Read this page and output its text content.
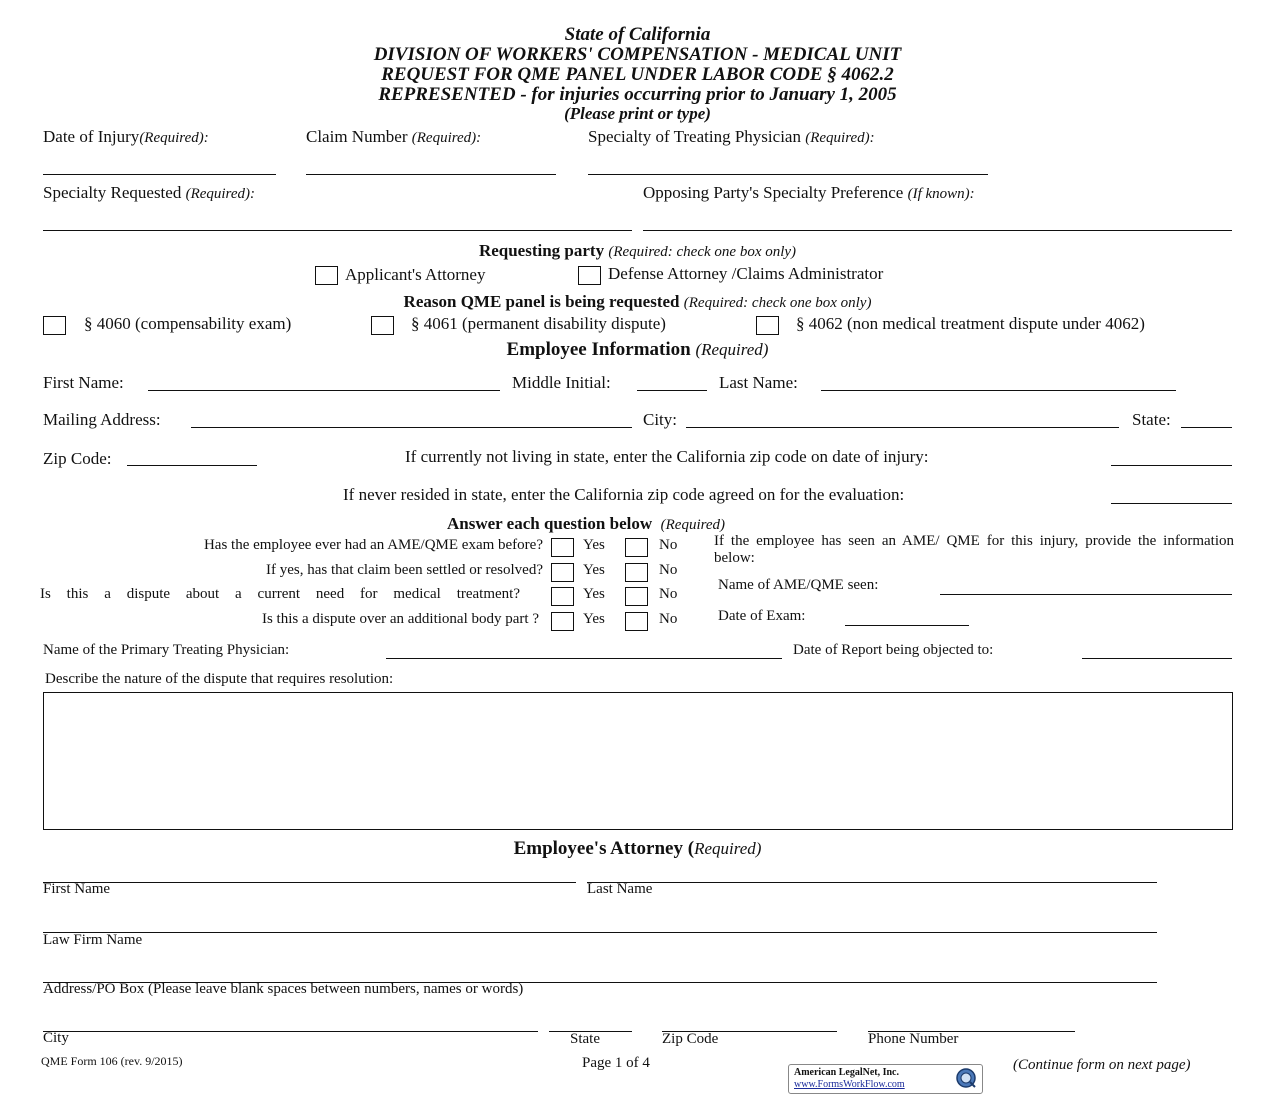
State of California
DIVISION OF WORKERS' COMPENSATION - MEDICAL UNIT
REQUEST FOR QME PANEL UNDER LABOR CODE § 4062.2
REPRESENTED - for injuries occurring prior to January 1, 2005
(Please print or type)
Date of Injury(Required):	Claim Number (Required):	Specialty of Treating Physician (Required):
Specialty Requested (Required):	Opposing Party's Specialty Preference (If known):
Requesting party (Required: check one box only)
Applicant's Attorney	Defense Attorney /Claims Administrator
Reason QME panel is being requested (Required: check one box only)
§ 4060 (compensability exam)	§ 4061 (permanent disability dispute)	§ 4062 (non medical treatment dispute under 4062)
Employee Information (Required)
First Name:	Middle Initial:	Last Name:
Mailing Address:	City:	State:
Zip Code:	If currently not living in state, enter the California zip code on date of injury:
If never resided in state, enter the California zip code agreed on for the evaluation:
Answer each question below (Required)
Has the employee ever had an AME/QME exam before?	Yes	No
If yes, has that claim been settled or resolved?	Yes	No
Is this a dispute about a current need for medical treatment?	Yes	No
Is this a dispute over an additional body part ?	Yes	No
If the employee has seen an AME/ QME for this injury, provide the information below:
Name of AME/QME seen:
Date of Exam:
Name of the Primary Treating Physician:	Date of Report being objected to:
Describe the nature of the dispute that requires resolution:
Employee's Attorney (Required)
First Name	Last Name
Law Firm Name
Address/PO Box (Please leave blank spaces between numbers, names or words)
City	State	Zip Code	Phone Number
QME Form 106 (rev. 9/2015)	Page 1 of 4	(Continue form on next page)
American LegalNet, Inc.
www.FormsWorkFlow.com
